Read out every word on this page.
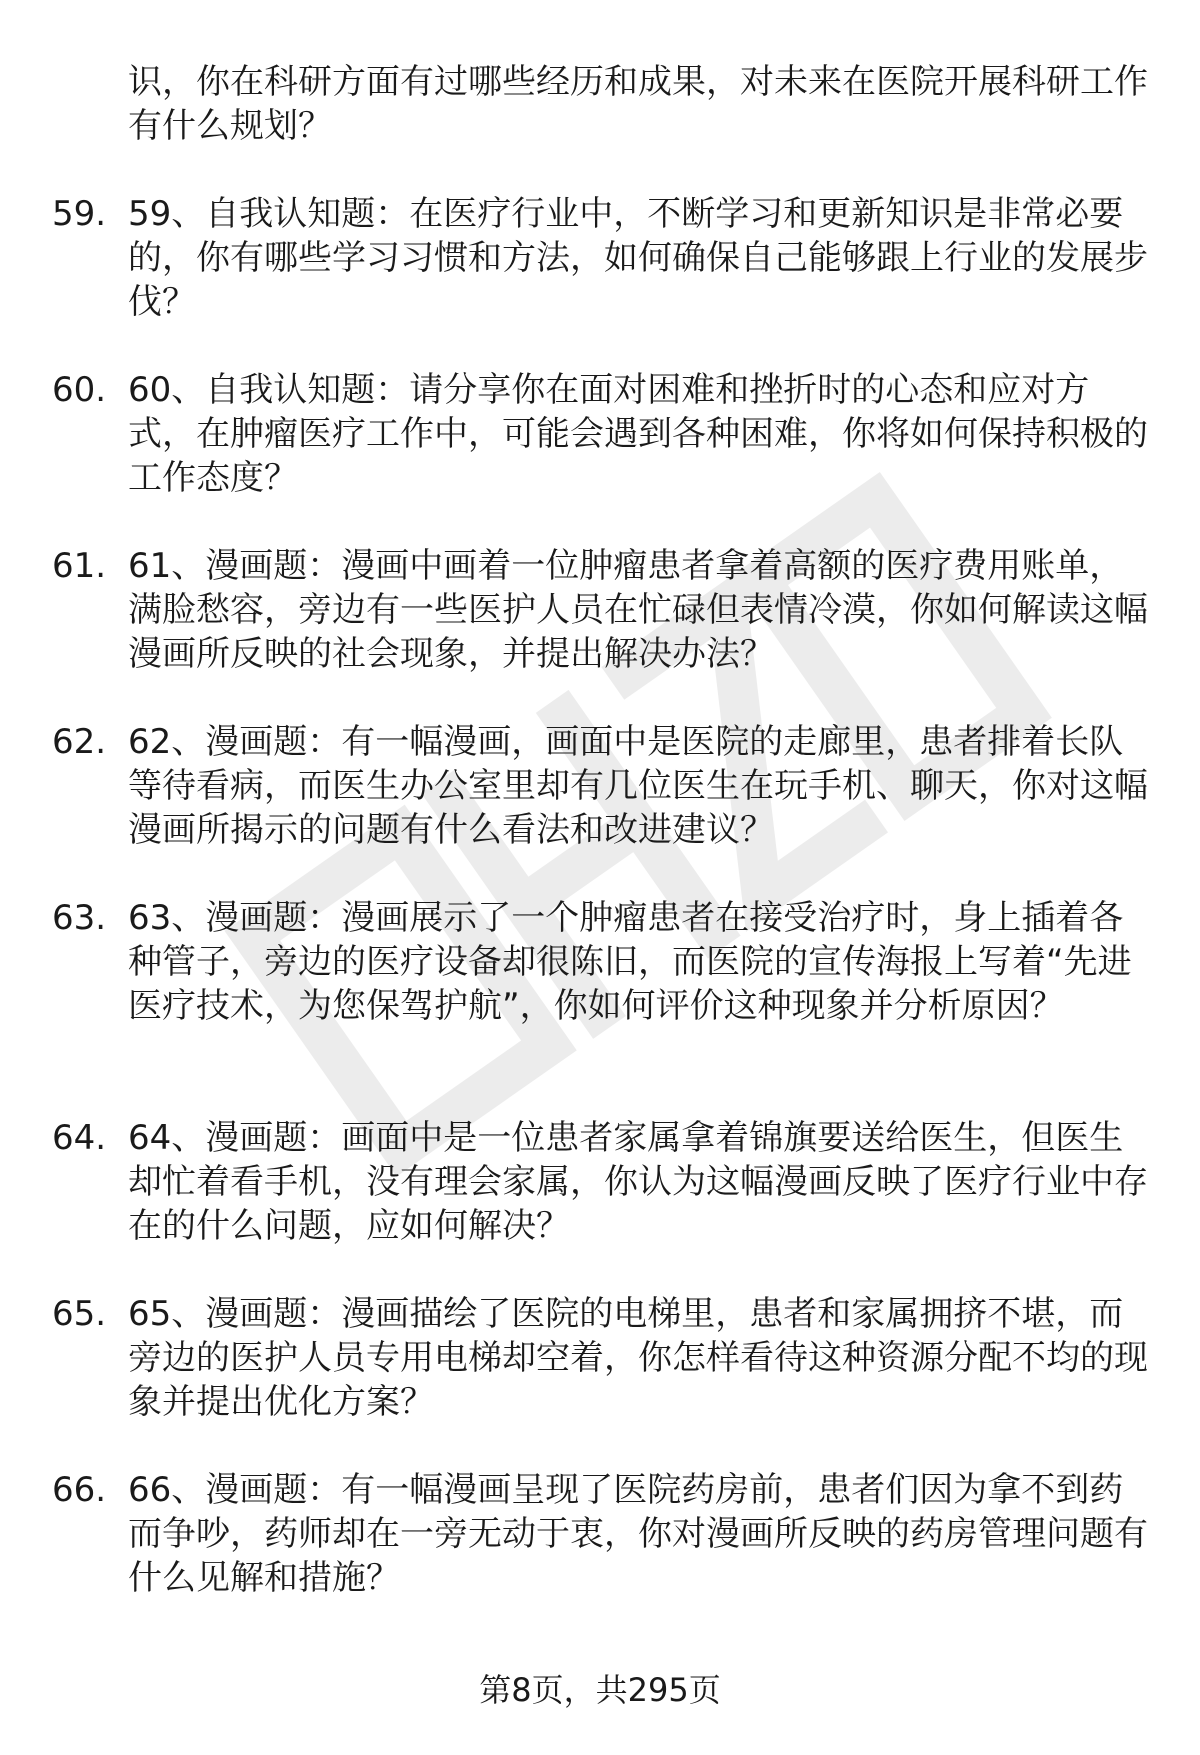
识，你在科研方面有过哪些经历和成果，对未来在医院开展科研工作有什么规划？
59. 59、自我认知题：在医疗行业中，不断学习和更新知识是非常必要的，你有哪些学习习惯和方法，如何确保自己能够跟上行业的发展步伐？
60. 60、自我认知题：请分享你在面对困难和挫折时的心态和应对方式，在肿瘤医疗工作中，可能会遇到各种困难，你将如何保持积极的工作态度？
61. 61、漫画题：漫画中画着一位肿瘤患者拿着高额的医疗费用账单，满脸愁容，旁边有一些医护人员在忙碌但表情冷漠，你如何解读这幅漫画所反映的社会现象，并提出解决办法？
62. 62、漫画题：有一幅漫画，画面中是医院的走廊里，患者排着长队等待看病，而医生办公室里却有几位医生在玩手机、聊天，你对这幅漫画所揭示的问题有什么看法和改进建议？
63. 63、漫画题：漫画展示了一个肿瘤患者在接受治疗时，身上插着各种管子，旁边的医疗设备却很陈旧，而医院的宣传海报上写着“先进医疗技术，为您保驾护航”，你如何评价这种现象并分析原因？
64. 64、漫画题：画面中是一位患者家属拿着锦旗要送给医生，但医生却忙着看手机，没有理会家属，你认为这幅漫画反映了医疗行业中存在的什么问题，应如何解决？
65. 65、漫画题：漫画描绘了医院的电梯里，患者和家属拥挤不堪，而旁边的医护人员专用电梯却空着，你怎样看待这种资源分配不均的现象并提出优化方案？
66. 66、漫画题：有一幅漫画呈现了医院药房前，患者们因为拿不到药而争吵，药师却在一旁无动于衷，你对漫画所反映的药房管理问题有什么见解和措施？
第8页，共295页
